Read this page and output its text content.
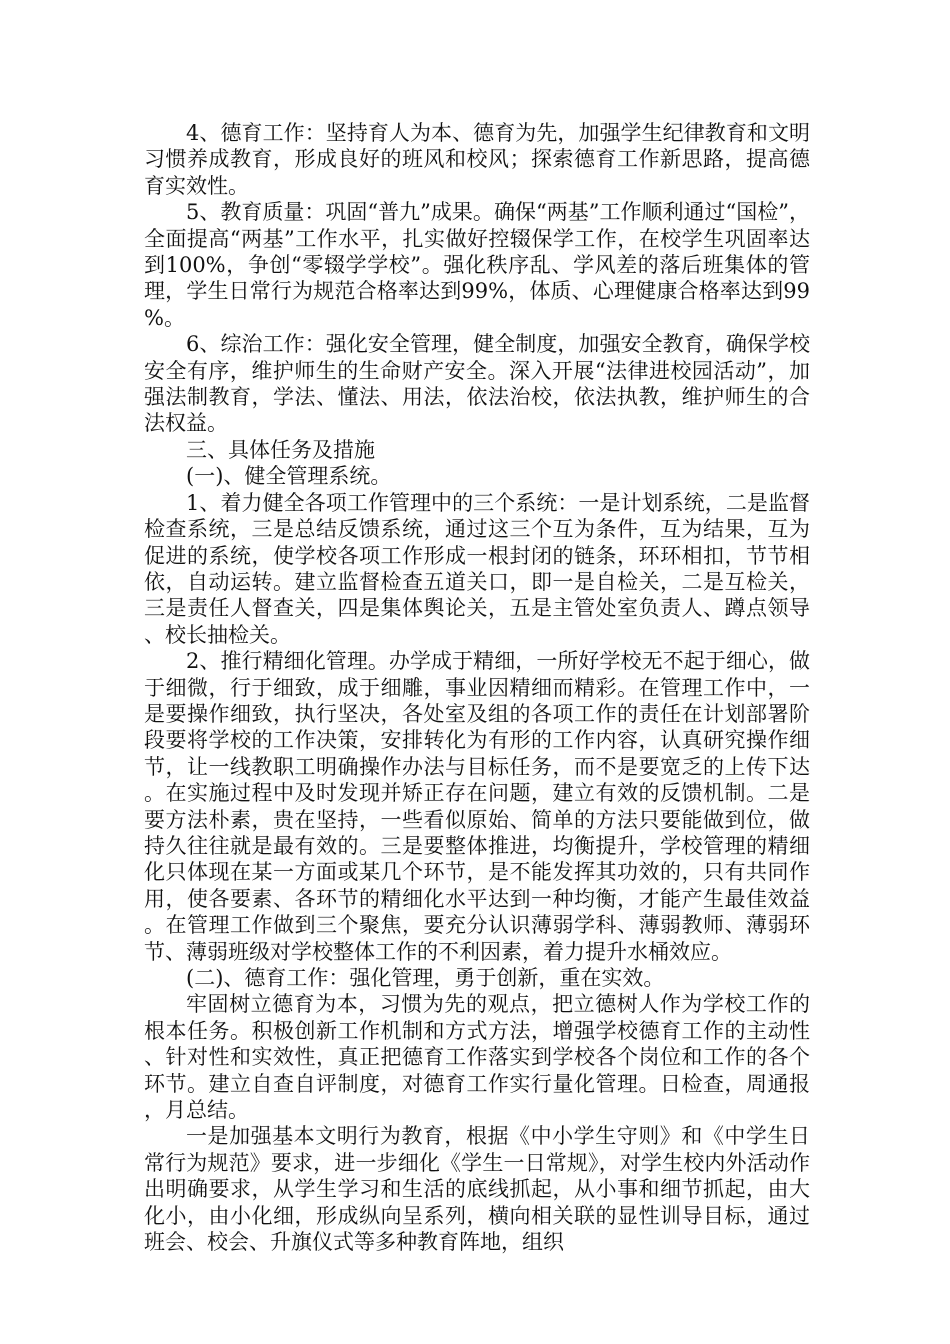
4、德育工作：坚持育人为本、德育为先，加强学生纪律教育和文明习惯养成教育，形成良好的班风和校风；探索德育工作新思路，提高德育实效性。

5、教育质量：巩固“普九”成果。确保“两基”工作顺利通过“国检”，全面提高“两基”工作水平，扎实做好控辍保学工作，在校学生巩固率达到100%，争创“零辍学学校”。强化秩序乱、学风差的落后班集体的管理，学生日常行为规范合格率达到99%，体质、心理健康合格率达到99%。

6、综治工作：强化安全管理，健全制度，加强安全教育，确保学校安全有序，维护师生的生命财产安全。深入开展“法律进校园活动”，加强法制教育，学法、懂法、用法，依法治校，依法执教，维护师生的合法权益。

三、具体任务及措施

(一)、健全管理系统。

1、着力健全各项工作管理中的三个系统：一是计划系统，二是监督检查系统，三是总结反馈系统，通过这三个互为条件，互为结果，互为促进的系统，使学校各项工作形成一根封闭的链条，环环相扣，节节相依，自动运转。建立监督检查五道关口，即一是自检关，二是互检关，三是责任人督查关，四是集体舆论关，五是主管处室负责人、蹲点领导、校长抽检关。

2、推行精细化管理。办学成于精细，一所好学校无不起于细心，做于细微，行于细致，成于细雕，事业因精细而精彩。在管理工作中，一是要操作细致，执行坚决，各处室及组的各项工作的责任在计划部署阶段要将学校的工作决策，安排转化为有形的工作内容，认真研究操作细节，让一线教职工明确操作办法与目标任务，而不是要宽乏的上传下达。在实施过程中及时发现并矫正存在问题，建立有效的反馈机制。二是要方法朴素，贵在坚持，一些看似原始、简单的方法只要能做到位，做持久往往就是最有效的。三是要整体推进，均衡提升，学校管理的精细化只体现在某一方面或某几个环节，是不能发挥其功效的，只有共同作用，使各要素、各环节的精细化水平达到一种均衡，才能产生最佳效益。在管理工作做到三个聚焦，要充分认识薄弱学科、薄弱教师、薄弱环节、薄弱班级对学校整体工作的不利因素，着力提升水桶效应。

(二)、德育工作：强化管理，勇于创新，重在实效。

牢固树立德育为本，习惯为先的观点，把立德树人作为学校工作的根本任务。积极创新工作机制和方式方法，增强学校德育工作的主动性、针对性和实效性，真正把德育工作落实到学校各个岗位和工作的各个环节。建立自查自评制度，对德育工作实行量化管理。日检查，周通报，月总结。

一是加强基本文明行为教育，根据《中小学生守则》和《中学生日常行为规范》要求，进一步细化《学生一日常规》，对学生校内外活动作出明确要求，从学生学习和生活的底线抓起，从小事和细节抓起，由大化小，由小化细，形成纵向呈系列，横向相关联的显性训导目标，通过班会、校会、升旗仪式等多种教育阵地，组织
